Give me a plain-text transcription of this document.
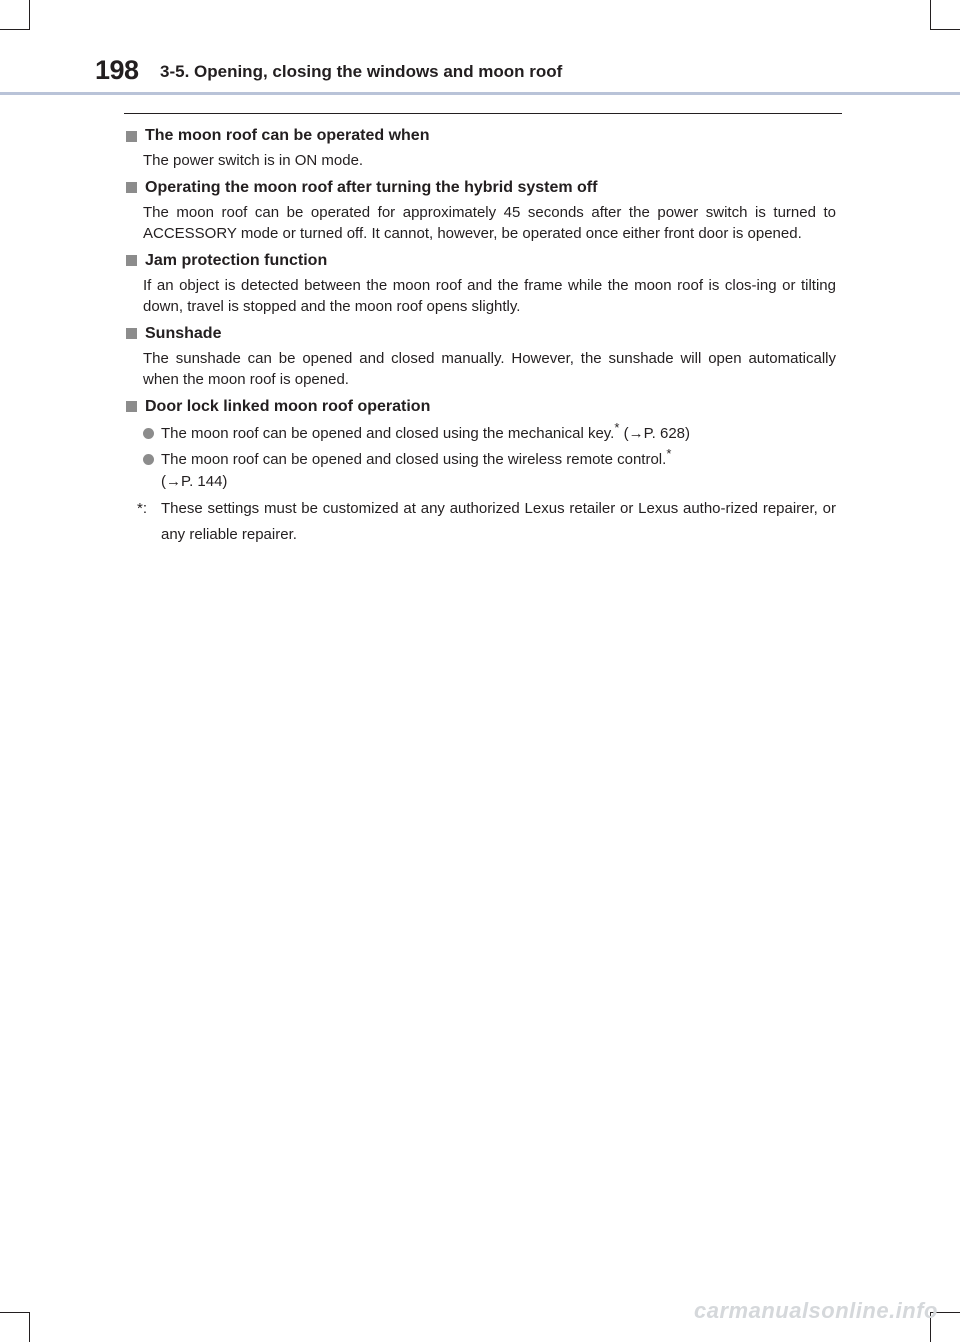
198 3-5. Opening, closing the windows and moon roof
The moon roof can be operated when
The power switch is in ON mode.
Operating the moon roof after turning the hybrid system off
The moon roof can be operated for approximately 45 seconds after the power switch is turned to ACCESSORY mode or turned off. It cannot, however, be operated once either front door is opened.
Jam protection function
If an object is detected between the moon roof and the frame while the moon roof is clos-ing or tilting down, travel is stopped and the moon roof opens slightly.
Sunshade
The sunshade can be opened and closed manually. However, the sunshade will open automatically when the moon roof is opened.
Door lock linked moon roof operation
The moon roof can be opened and closed using the mechanical key.* (→P. 628)
The moon roof can be opened and closed using the wireless remote control.*
(→P. 144)
*: These settings must be customized at any authorized Lexus retailer or Lexus autho-rized repairer, or any reliable repairer.
carmanualsonline.info
